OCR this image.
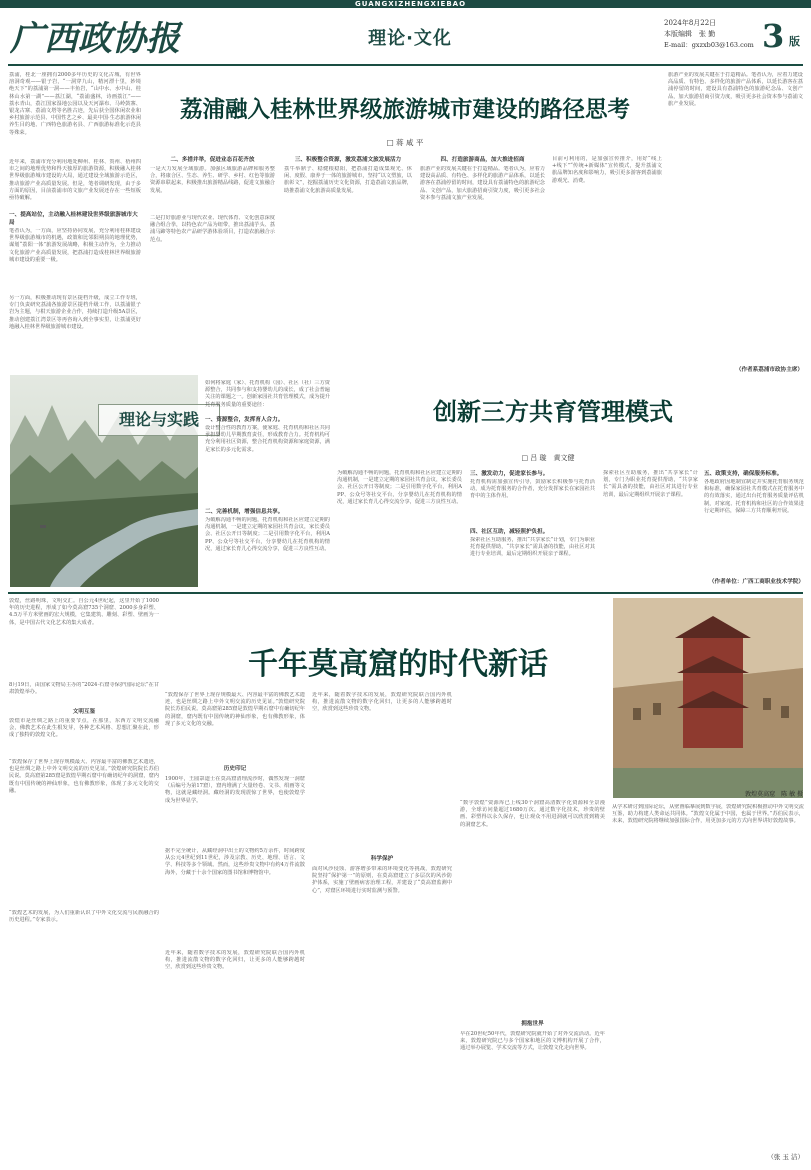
GUANGXIZHENGXIEBAO
广西政协报	理论·文化
2024年8月22日
本版编辑　张 勤
E-mail：gxzxb03@163.com 3 版
荔浦，桂北一座拥有2000多年历史的文化古城，有世界溶洞奇观——银子岩，“一洞穿九山，精河漂十里，妙境绝天下”的荔浦第一洞——丰鱼岩，“山中水、水中山、桂林山水第一湖”——荔江湖，“荔浦盛林，诗画荔江”——荔水青山，荔江国家湿地公园以及天河瀑布、马岭鼓寨、银龙古寨、荔浦文塔等名胜古迹，先后获全国休闲农业和乡村旅游示范县、中国性艺之乡、最美中国·生态旅游休闲养生目的地、广西特色旅游名县、广西旅游标准化示范县等殊荣。
近年来，荔浦市充分利用地处柳州、桂林、贺州、梧州四市之间的地理优势和得天独厚的旅游资源，积极融入桂林世界级旅游城市建设的大局，通过建设全域旅游示范区，推动旅游产业高质量发展。但是，笔者调研发现，由于多方面的原因，目前荔浦市的文旅产业发展还存在一些短板亟待破解。
一、提高站位，主动融入桂林建设世界级旅游城市大局
笔者认为，一方面，应坚持协同发展，充分利用桂林建设世界级旅游城市的机遇，政策和比邻阳朔县的地理优势，谋划“荔阳一体”旅游发展战略，积极主动作为，全力推动文化旅游产业高质量发展，把荔浦打造成桂林世界级旅游城市建设的重要一极。
另一方面，积极推动现有景区提档升级，成立工作专班，专门负责研究荔浦各旅游景区提档升级工作，以荔浦银子岩为主题，与柑天旅游企业合作，持续打造升级5A景区，推动创建荔江湾景区等再咨询入到全事实里，让荔浦更好地融入桂林世界级旅游城市建设。
荔浦融入桂林世界级旅游城市建设的路径思考
□ 蒋 咸 平
二、多措并举，促进业态百花齐放
一是大力发展全域旅游。加强区域旅游品牌和服务整合，将康合区、生态、养生、研学、乡村、红色等旅游资源串联起来，积极推出旅游精品线路，促进文旅融合发展。
二是打好旅游业与现代农业、现代体育、文化创意深度融合组合拳，以特色农产品为纽带，推出荔浦芋头、荔浦马蹄等特色农产品研学游体验项目，打造农旅融合示范点。
三、积极整合资源，激发荔浦文旅发展活力
荔牛举鼎子、稳健根稳阳，把荔浦打造成集观光、休闲、度假、康养于一体的旅游城市，坚持“以文塑旅，以旅彰文”，挖掘荔浦历史文化资源，打造荔浦文旅品牌，助推荔浦文化旅游高质量发展。
四、打造旅游商品，加大推进招商
旅游产业的发展关键在于打造精品。笔者认为，应着力建设高品质、有特色、多样化的旅游产品体系，以延长游客在荔浦停留的时间，建设具有荔浦特色的旅游纪念品、文创产品，加大旅游招商引资力度，吸引更多社会资本参与荔浦文旅产业发展。
目前可利用的，是加强宣传推介，用好“线上+线下”“传统+新媒体”宣传模式，提升荔浦文旅品牌知名度和影响力，吸引更多游客到荔浦旅游观光、消费。
旅游产业的发展关键在于打造精品。笔者认为，应着力建设高品质、有特色、多样化的旅游产品体系，以延长游客在荔浦停留的时间，建设具有荔浦特色的旅游纪念品、文创产品，加大旅游招商引资力度，吸引更多社会资本参与荔浦文旅产业发展。
（作者系荔浦市政协主席）
理论与实践
如何将家庭（家）、托育机构（园）、社区（社）三方资源整合，共同参与和支持婴幼儿的成长，成了社会普遍关注的课题之一。创新家园社共育管理模式，成为提升托育服务质量的重要途径：	创新三方共育管理模式
□ 吕 璇　黄文健
一、资源整合，发挥育人合力。
设计整合性的教育方案，使家庭、托育机构和社区共同承担婴幼儿早期教育责任，形成教育合力。托育机构可充分利用社区资源，整合托育机构资源和家庭资源，满足家长的多元化需求。
二、完善机制，增强信息共享。
为破解沟通不畅的问题，托育机构和社区应建立定期的沟通机制，一是建立定期的家园社共育会议，家长委员会、社区公开日等制度；二是引用数字化平台，利用APP、公众号等社交平台，分享婴幼儿在托育机构的情况，通过家长育儿心得交流分享，促进三方良性互动。
为破解沟通不畅的问题，托育机构和社区应建立定期的沟通机制，一是建立定期的家园社共育会议，家长委员会、社区公开日等制度；二是引用数字化平台，利用APP、公众号等社交平台，分享婴幼儿在托育机构的情况，通过家长育儿心得交流分享，促进三方良性互动。
三、激发动力，促进家长参与。
托育机构需加强宣传引导，鼓励家长积极参与托育活动，成为托育服务的合作者，充分发挥家长在家园社共育中的主体作用。
四、社区互助，减轻照护负担。
探索社区互助服务，推出“共享家长”计划，专门为职业托育提供帮助，“共享家长”需具备的技能，由社区对其进行专业培训，最后定期组织开展亲子课程。
探索社区互助服务，推出“共享家长”计划，专门为职业托育提供帮助，“共享家长”需具备的技能，由社区对其进行专业培训，最后定期组织开展亲子课程。
五、政策支持，确保服务标准。
各地政府因地制宜制定并实施托育服务规范和标准，确保家园社共育模式在托育服务中的有效落实，通过出台托育服务质量评估机制，对家庭、托育机构和社区的合作效果进行定期评估，保障三方共育顺利开展。
（作者单位：广西工商职业技术学院）
敦煌，丝路明珠，文明交汇。自公元4世纪起，这里开始了1000年的历史进程，形成了如今莫高窟735个洞窟、2000多身彩塑、4.5万平方米壁画的宏大规模，它集建筑、雕刻、彩塑、壁画为一体，是中国古代文化艺术的集大成者。
8月19日，由国家文物局主办的“2024·石窟寺保护国际论坛”在甘肃敦煌举办。
千年莫高窟的时代新话
敦煌莫高窟　陈 敏 摄
文明互鉴
敦煌市是丝绸之路上的重要节点，在那里，东西方文明交流融会，佛教艺术在此生根发芽，各种艺术风格、思想汇聚在此，形成了独特的敦煌文化。
“敦煌保存了世界上现存规模最大、内容最丰富的佛教艺术遗迹，也是丝绸之路上中外文明交流的历史见证。”敦煌研究院院长苏伯民说。莫高窟第285窟是敦煌早期石窟中有确切纪年的洞窟，窟内既有中国传统的神仙形象，也有佛教形象，体现了多元文化的交融。
“敦煌艺术的发展，为人们重新认识了中外文化交流与民族融合的历史进程。”专家表示。
“敦煌保存了世界上现存规模最大、内容最丰富的佛教艺术遗迹，也是丝绸之路上中外文明交流的历史见证。”敦煌研究院院长苏伯民说。莫高窟第285窟是敦煌早期石窟中有确切纪年的洞窟，窟内既有中国传统的神仙形象，也有佛教形象，体现了多元文化的交融。
历史印记
1900年，王圆箓道士在莫高窟清理流沙时，偶然发现一洞窟（后编号为第17窟），窟内堆满了大量经卷、文书、绢画等文物，这就是藏经洞。藏经洞的发现震惊了世界，也使敦煌学成为世界显学。
据不完全统计，从藏经洞中出土的文物约5万余件，时间跨度从公元4世纪到11世纪，涉及宗教、历史、地理、语言、文学、科技等多个领域。然而，这些珍贵文物中有约4万件流散海外，分藏于十余个国家的图书馆和博物馆中。
近年来，随着数字技术的发展，敦煌研究院联合国内外机构，推进流散文物的数字化回归，让更多的人能够跨越时空，欣赏到这些珍贵文物。
近年来，随着数字技术的发展，敦煌研究院联合国内外机构，推进流散文物的数字化回归，让更多的人能够跨越时空，欣赏到这些珍贵文物。
科学保护
面对风沙侵蚀、游客增多带来的环境变化等挑战，敦煌研究院坚持“保护第一”的原则，在莫高窟建立了多层次的风沙防护体系，实施了壁画病害治理工程，并建设了“莫高窟监测中心”，对窟区环境进行实时监测与预警。
“数字敦煌”资源库已上线30个洞窟高清数字化资源和全景漫游，全球访问量超过1680万次。通过数字化技术，珍贵的壁画、彩塑得以永久保存，也让观众不用进洞就可以欣赏到精美的洞窟艺术。
拥抱世界
早在20世纪50年代，敦煌研究院就开始了对外交流活动。近年来，敦煌研究院已与多个国家和地区的文博机构开展了合作，通过举办展览、学术交流等方式，让敦煌文化走向世界。
从学术研讨到国际论坛，从壁画临摹展到数字展，敦煌研究院积极推动中外文明交流互鉴，助力构建人类命运共同体。“敦煌文化属于中国，也属于世界。”苏伯民表示，未来，敦煌研究院将继续加强国际合作，用更加多元的方式向世界讲好敦煌故事。
（张 玉 洁）
